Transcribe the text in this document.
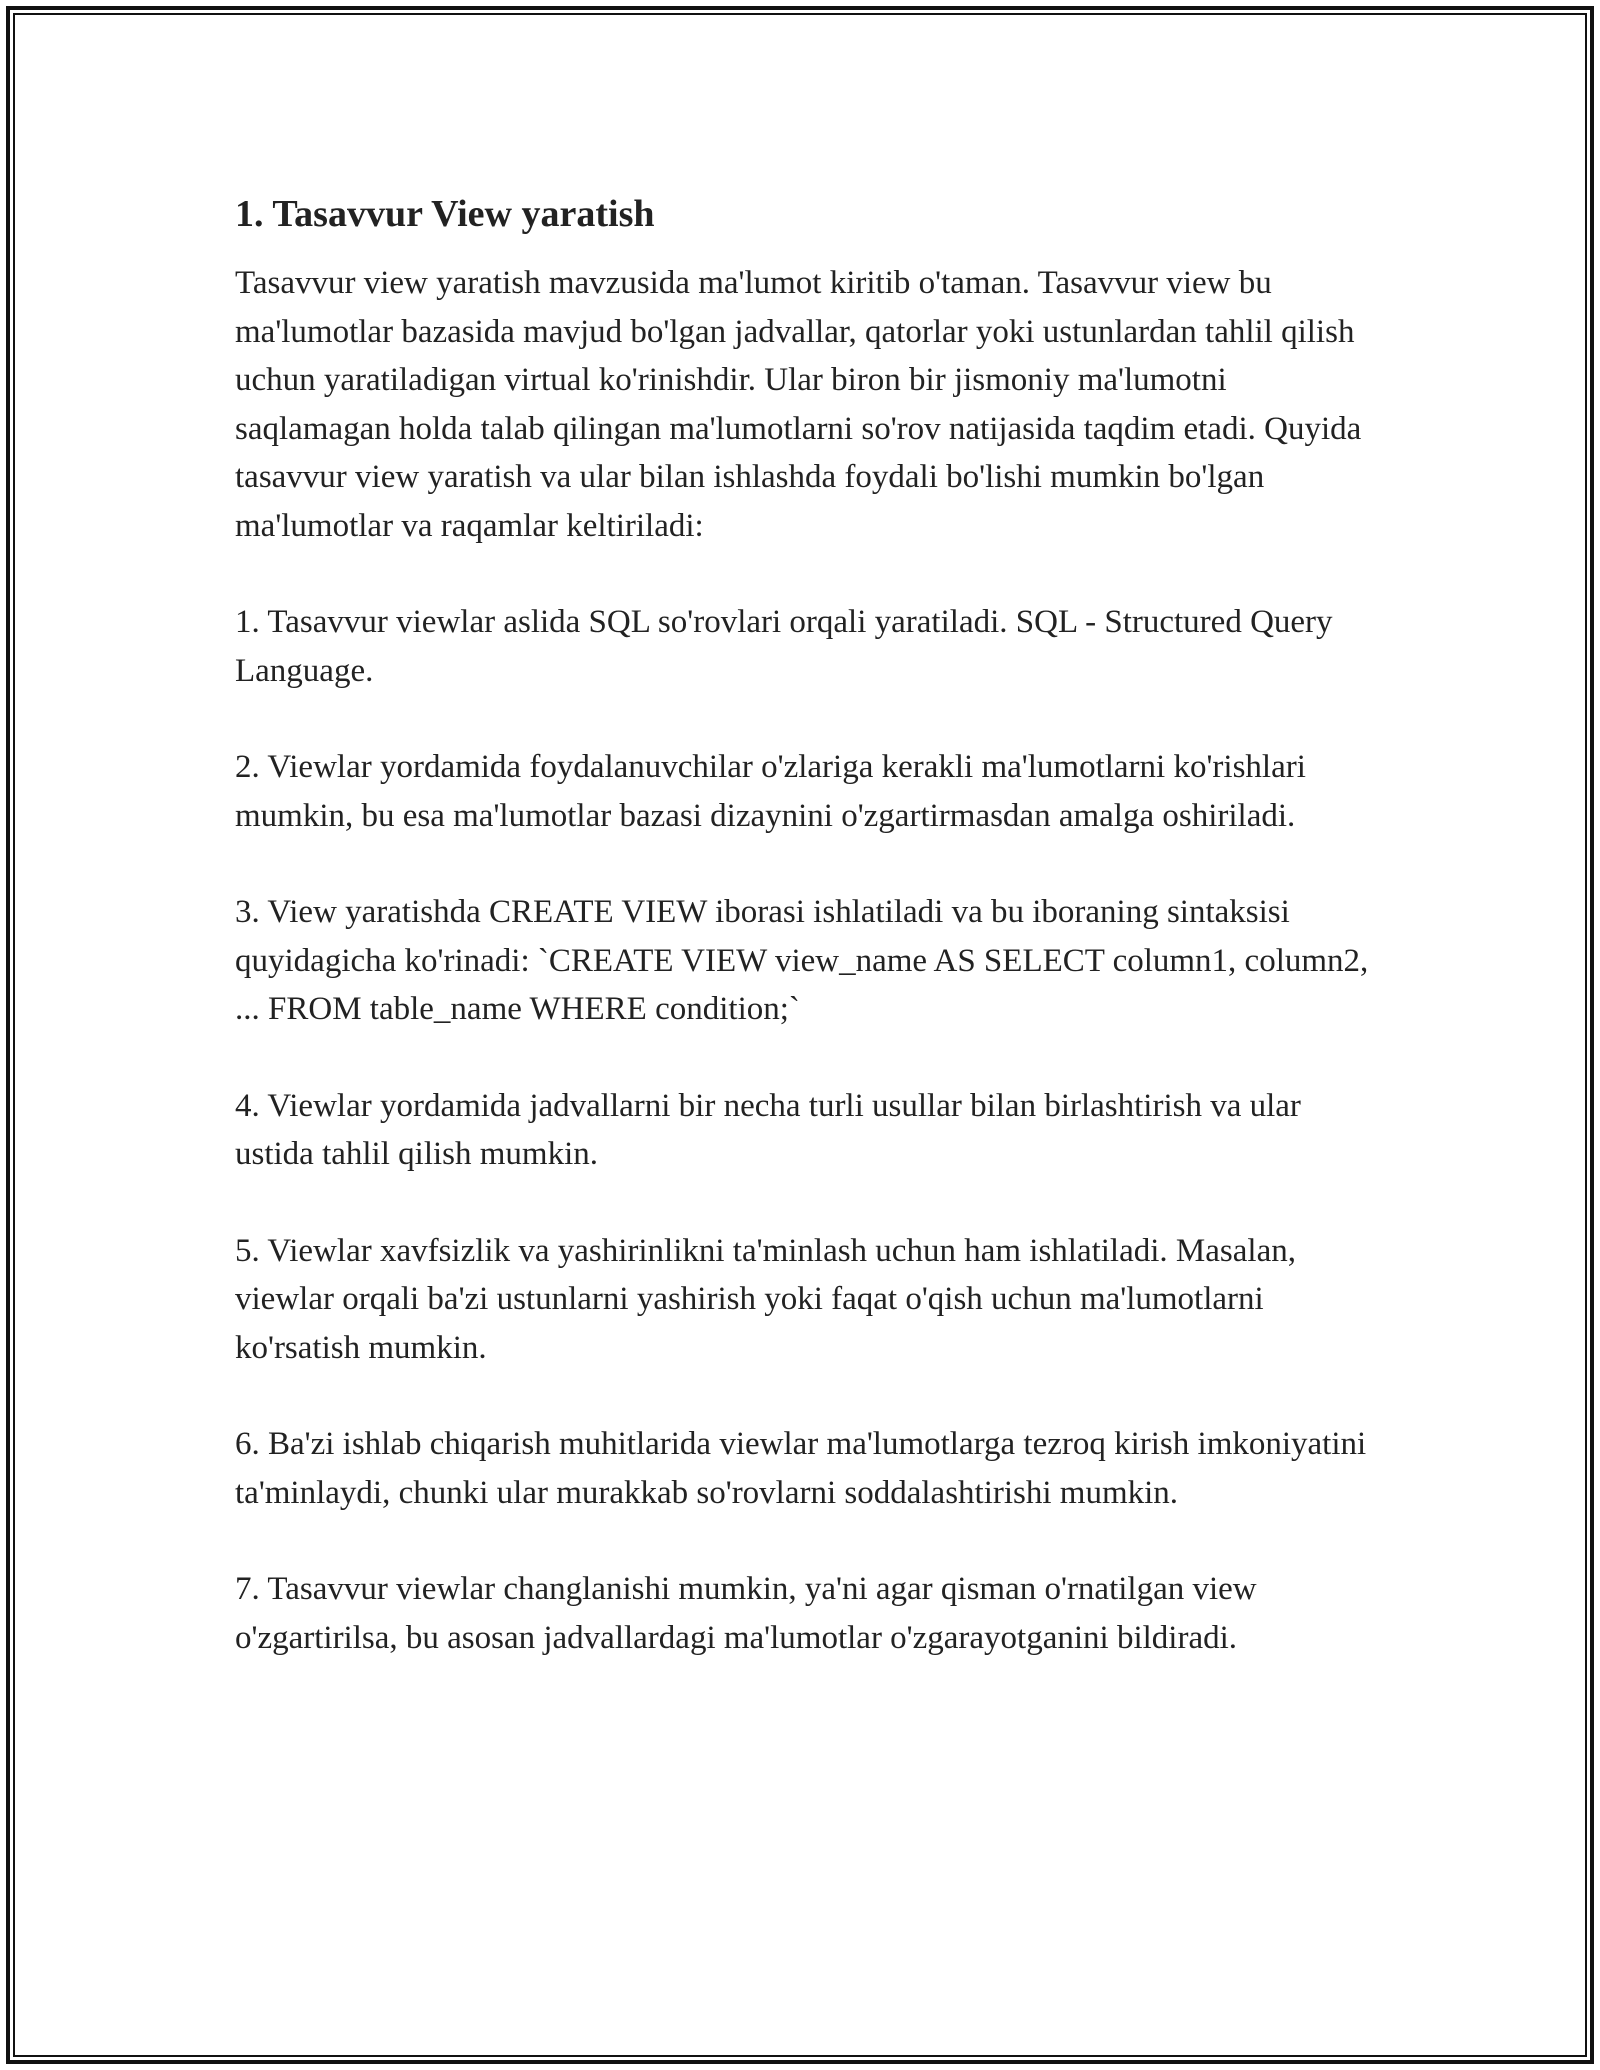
1. Tasavvur View yaratish

Tasavvur view yaratish mavzusida ma'lumot kiritib o'taman. Tasavvur view bu ma'lumotlar bazasida mavjud bo'lgan jadvallar, qatorlar yoki ustunlardan tahlil qilish uchun yaratiladigan virtual ko'rinishdir. Ular biron bir jismoniy ma'lumotni saqlamagan holda talab qilingan ma'lumotlarni so'rov natijasida taqdim etadi. Quyida tasavvur view yaratish va ular bilan ishlashda foydali bo'lishi mumkin bo'lgan ma'lumotlar va raqamlar keltiriladi:

1. Tasavvur viewlar aslida SQL so'rovlari orqali yaratiladi. SQL - Structured Query Language.
2. Viewlar yordamida foydalanuvchilar o'zlariga kerakli ma'lumotlarni ko'rishlari mumkin, bu esa ma'lumotlar bazasi dizaynini o'zgartirmasdan amalga oshiriladi.
3. View yaratishda CREATE VIEW iborasi ishlatiladi va bu iboraning sintaksisi quyidagicha ko'rinadi: `CREATE VIEW view_name AS SELECT column1, column2, ... FROM table_name WHERE condition;`
4. Viewlar yordamida jadvallarni bir necha turli usullar bilan birlashtirish va ular ustida tahlil qilish mumkin.
5. Viewlar xavfsizlik va yashirinlikni ta'minlash uchun ham ishlatiladi. Masalan, viewlar orqali ba'zi ustunlarni yashirish yoki faqat o'qish uchun ma'lumotlarni ko'rsatish mumkin.
6. Ba'zi ishlab chiqarish muhitlarida viewlar ma'lumotlarga tezroq kirish imkoniyatini ta'minlaydi, chunki ular murakkab so'rovlarni soddalashtirishi mumkin.
7. Tasavvur viewlar changlanishi mumkin, ya'ni agar qisman o'rnatilgan view o'zgartirilsa, bu asosan jadvallardagi ma'lumotlar o'zgarayotganini bildiradi.
